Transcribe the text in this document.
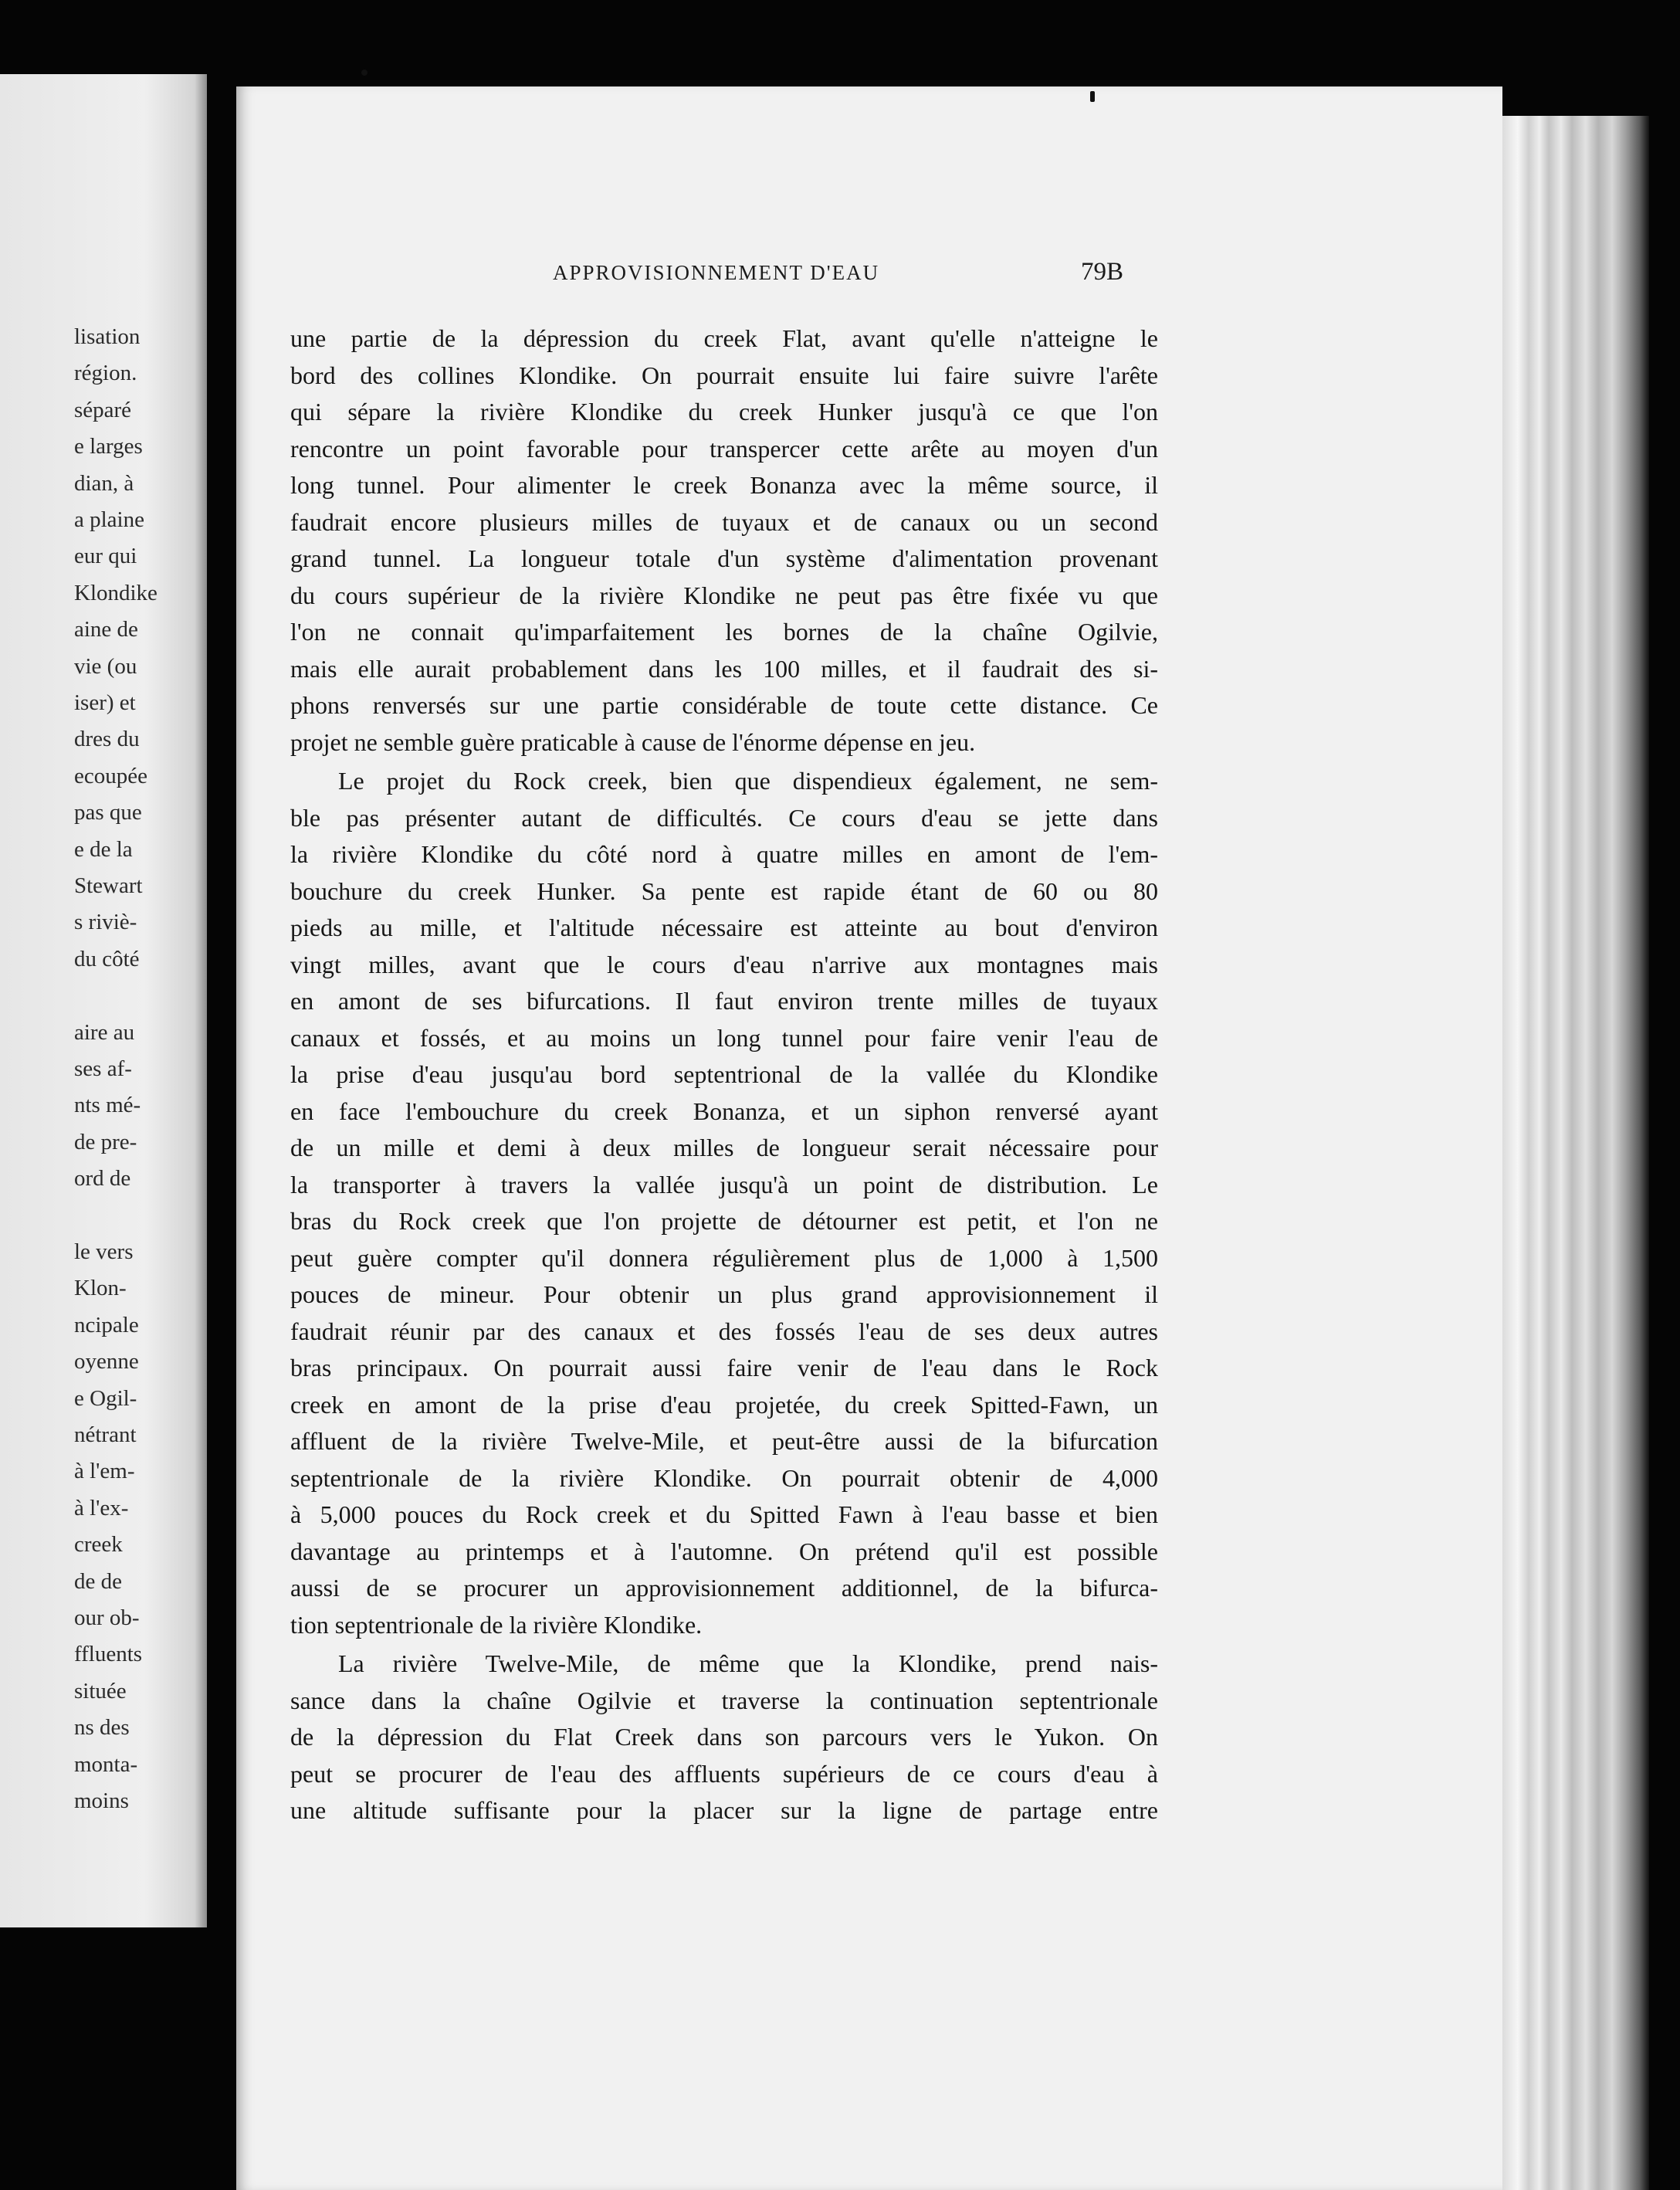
lisation
région.
séparé
e larges
dian, à
a plaine
eur qui
Klondike
aine de
vie (ou
iser) et
dres du
ecoupée
pas que
e de la
Stewart
s riviè-
du côté
aire au
ses af-
nts mé-
de pre-
ord de
le vers
Klon-
ncipale
oyenne
e Ogil-
nétrant
à l'em-
à l'ex-
creek
de de
our ob-
ffluents
située
ns des
monta-
moins
APPROVISIONNEMENT D'EAU	79B
une partie de la dépression du creek Flat, avant qu'elle n'atteigne le
bord des collines Klondike. On pourrait ensuite lui faire suivre l'arête
qui sépare la rivière Klondike du creek Hunker jusqu'à ce que l'on
rencontre un point favorable pour transpercer cette arête au moyen d'un
long tunnel. Pour alimenter le creek Bonanza avec la même source, il
faudrait encore plusieurs milles de tuyaux et de canaux ou un second
grand tunnel. La longueur totale d'un système d'alimentation provenant
du cours supérieur de la rivière Klondike ne peut pas être fixée vu que
l'on ne connait qu'imparfaitement les bornes de la chaîne Ogilvie,
mais elle aurait probablement dans les 100 milles, et il faudrait des si-
phons renversés sur une partie considérable de toute cette distance. Ce
projet ne semble guère praticable à cause de l'énorme dépense en jeu.
Le projet du Rock creek, bien que dispendieux également, ne sem-
ble pas présenter autant de difficultés. Ce cours d'eau se jette dans
la rivière Klondike du côté nord à quatre milles en amont de l'em-
bouchure du creek Hunker. Sa pente est rapide étant de 60 ou 80
pieds au mille, et l'altitude nécessaire est atteinte au bout d'environ
vingt milles, avant que le cours d'eau n'arrive aux montagnes mais
en amont de ses bifurcations. Il faut environ trente milles de tuyaux
canaux et fossés, et au moins un long tunnel pour faire venir l'eau de
la prise d'eau jusqu'au bord septentrional de la vallée du Klondike
en face l'embouchure du creek Bonanza, et un siphon renversé ayant
de un mille et demi à deux milles de longueur serait nécessaire pour
la transporter à travers la vallée jusqu'à un point de distribution. Le
bras du Rock creek que l'on projette de détourner est petit, et l'on ne
peut guère compter qu'il donnera régulièrement plus de 1,000 à 1,500
pouces de mineur. Pour obtenir un plus grand approvisionnement il
faudrait réunir par des canaux et des fossés l'eau de ses deux autres
bras principaux. On pourrait aussi faire venir de l'eau dans le Rock
creek en amont de la prise d'eau projetée, du creek Spitted-Fawn, un
affluent de la rivière Twelve-Mile, et peut-être aussi de la bifurcation
septentrionale de la rivière Klondike. On pourrait obtenir de 4,000
à 5,000 pouces du Rock creek et du Spitted Fawn à l'eau basse et bien
davantage au printemps et à l'automne. On prétend qu'il est possible
aussi de se procurer un approvisionnement additionnel, de la bifurca-
tion septentrionale de la rivière Klondike.
La rivière Twelve-Mile, de même que la Klondike, prend nais-
sance dans la chaîne Ogilvie et traverse la continuation septentrionale
de la dépression du Flat Creek dans son parcours vers le Yukon. On
peut se procurer de l'eau des affluents supérieurs de ce cours d'eau à
une altitude suffisante pour la placer sur la ligne de partage entre
